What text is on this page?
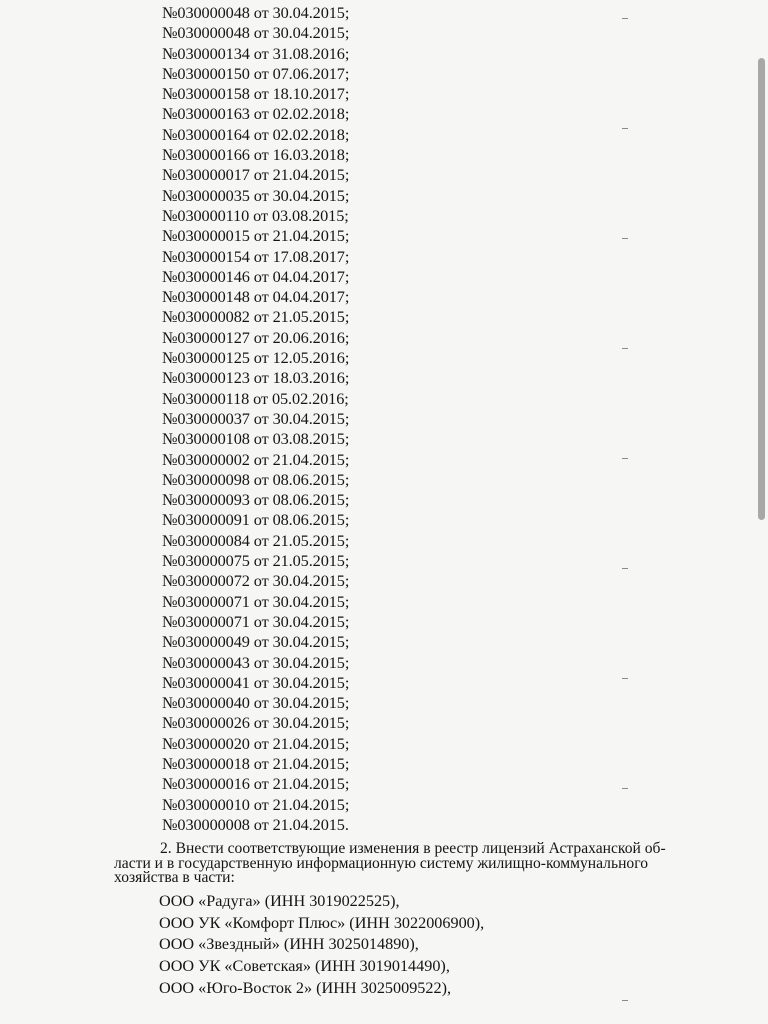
№030000048 от 30.04.2015;
№030000048 от 30.04.2015;
№030000134 от 31.08.2016;
№030000150 от 07.06.2017;
№030000158 от 18.10.2017;
№030000163 от 02.02.2018;
№030000164 от 02.02.2018;
№030000166 от 16.03.2018;
№030000017 от 21.04.2015;
№030000035 от 30.04.2015;
№030000110 от 03.08.2015;
№030000015 от 21.04.2015;
№030000154 от 17.08.2017;
№030000146 от 04.04.2017;
№030000148 от 04.04.2017;
№030000082 от 21.05.2015;
№030000127 от 20.06.2016;
№030000125 от 12.05.2016;
№030000123 от 18.03.2016;
№030000118 от 05.02.2016;
№030000037 от 30.04.2015;
№030000108 от 03.08.2015;
№030000002 от 21.04.2015;
№030000098 от 08.06.2015;
№030000093 от 08.06.2015;
№030000091 от 08.06.2015;
№030000084 от 21.05.2015;
№030000075 от 21.05.2015;
№030000072 от 30.04.2015;
№030000071 от 30.04.2015;
№030000071 от 30.04.2015;
№030000049 от 30.04.2015;
№030000043 от 30.04.2015;
№030000041 от 30.04.2015;
№030000040 от 30.04.2015;
№030000026 от 30.04.2015;
№030000020 от 21.04.2015;
№030000018 от 21.04.2015;
№030000016 от 21.04.2015;
№030000010 от 21.04.2015;
№030000008 от 21.04.2015.

2. Внести соответствующие изменения в реестр лицензий Астраханской об-
ласти и в государственную информационную систему жилищно-коммунального
хозяйства в части:

ООО «Радуга» (ИНН 3019022525),
ООО УК «Комфорт Плюс» (ИНН 3022006900),
ООО «Звездный» (ИНН 3025014890),
ООО УК «Советская» (ИНН 3019014490),
ООО «Юго-Восток 2» (ИНН 3025009522),
